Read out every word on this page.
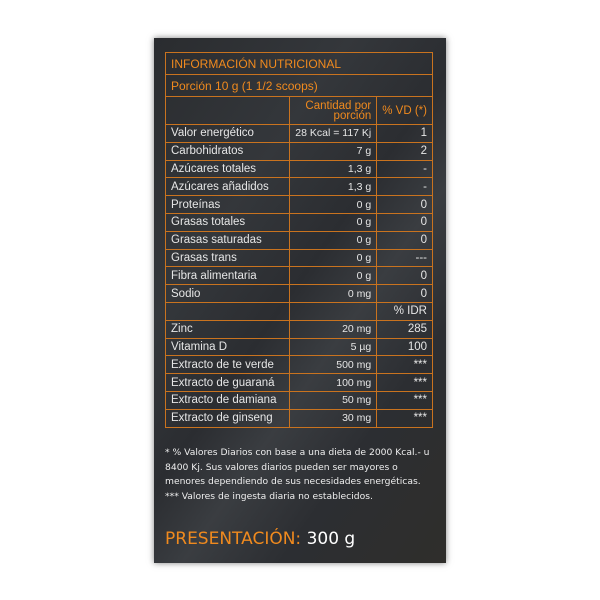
INFORMACIÓN NUTRICIONAL		
Porción 10 g (1 1/2 scoops)		
	Cantidad por porción	% VD (*)
Valor energético	28 Kcal = 117 Kj	1
Carbohidratos	7 g	2
Azúcares totales	1,3 g	-
Azúcares añadidos	1,3 g	-
Proteínas	0 g	0
Grasas totales	0 g	0
Grasas saturadas	0 g	0
Grasas trans	0 g	---
Fibra alimentaria	0 g	0
Sodio	0 mg	0
		% IDR
Zinc	20 mg	285
Vitamina D	5 µg	100
Extracto de te verde	500 mg	***
Extracto de guaraná	100 mg	***
Extracto de damiana	50 mg	***
Extracto de ginseng	30 mg	***
* % Valores Diarios con base a una dieta de 2000 Kcal.- u 8400 Kj. Sus valores diarios pueden ser mayores o menores dependiendo de sus necesidades energéticas. *** Valores de ingesta diaria no establecidos.
PRESENTACIÓN: 300 g
